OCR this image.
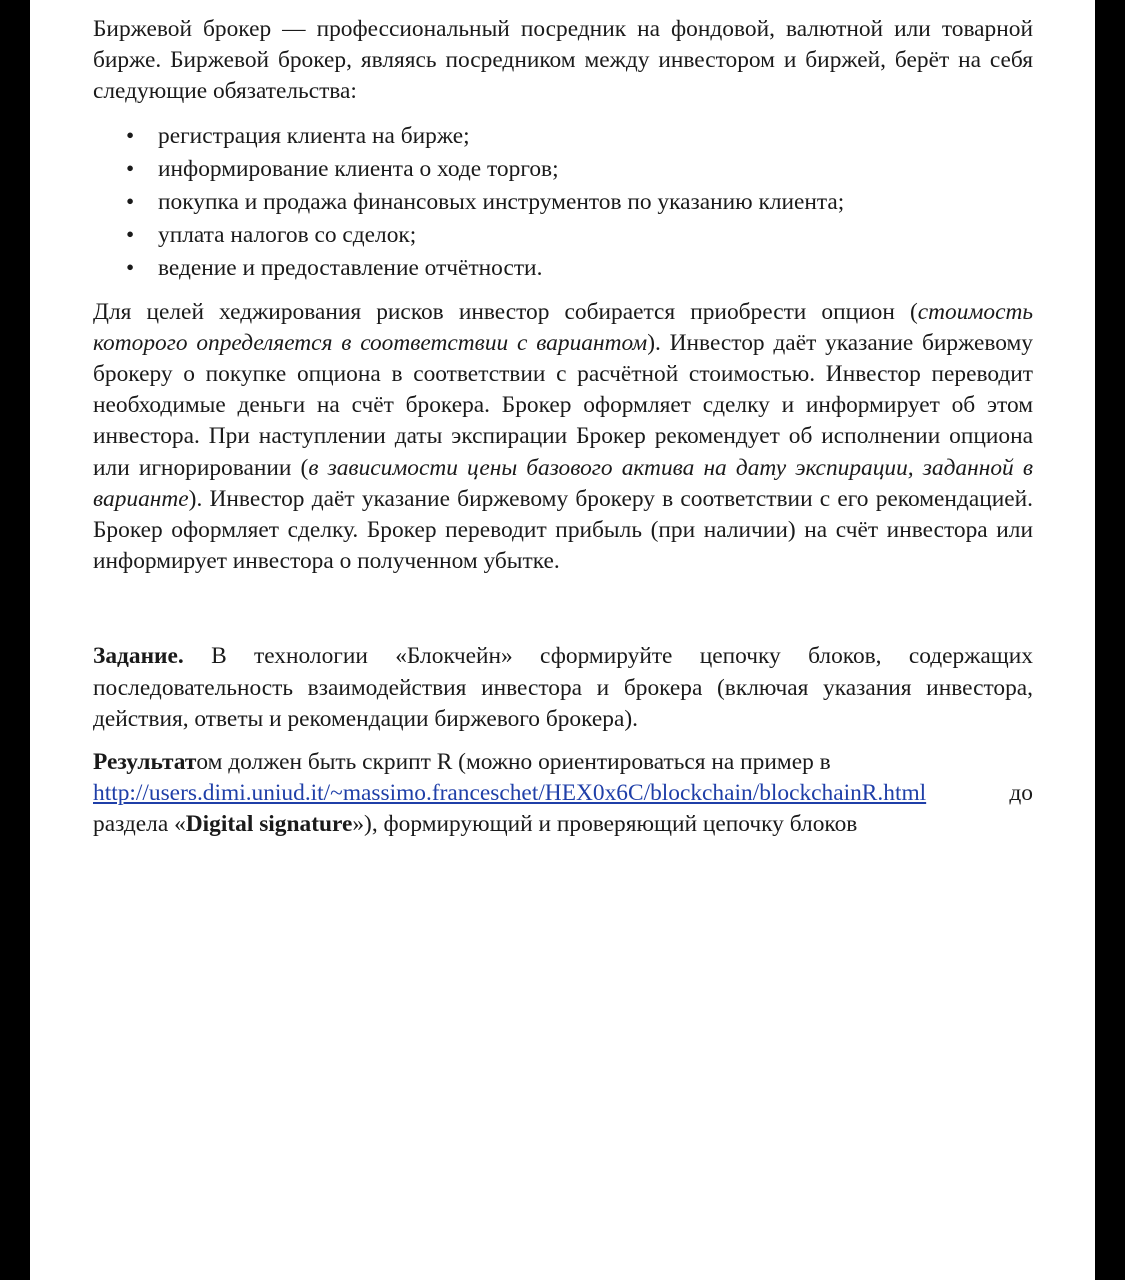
Биржевой брокер — профессиональный посредник на фондовой, валютной или товарной бирже. Биржевой брокер, являясь посредником между инвестором и биржей, берёт на себя следующие обязательства:

• регистрация клиента на бирже;
• информирование клиента о ходе торгов;
• покупка и продажа финансовых инструментов по указанию клиента;
• уплата налогов со сделок;
• ведение и предоставление отчётности.

Для целей хеджирования рисков инвестор собирается приобрести опцион (стоимость которого определяется в соответствии с вариантом). Инвестор даёт указание биржевому брокеру о покупке опциона в соответствии с расчётной стоимостью. Инвестор переводит необходимые деньги на счёт брокера. Брокер оформляет сделку и информирует об этом инвестора. При наступлении даты экспирации Брокер рекомендует об исполнении опциона или игнорировании (в зависимости цены базового актива на дату экспирации, заданной в варианте). Инвестор даёт указание биржевому брокеру в соответствии с его рекомендацией. Брокер оформляет сделку. Брокер переводит прибыль (при наличии) на счёт инвестора или информирует инвестора о полученном убытке.

Задание. В технологии «Блокчейн» сформируйте цепочку блоков, содержащих последовательность взаимодействия инвестора и брокера (включая указания инвестора, действия, ответы и рекомендации биржевого брокера).

Результатом должен быть скрипт R (можно ориентироваться на пример в

http://users.dimi.uniud.it/~massimo.franceschet/HEX0x6C/blockchain/blockchainR.html	до

раздела «Digital signature»), формирующий и проверяющий цепочку блоков
